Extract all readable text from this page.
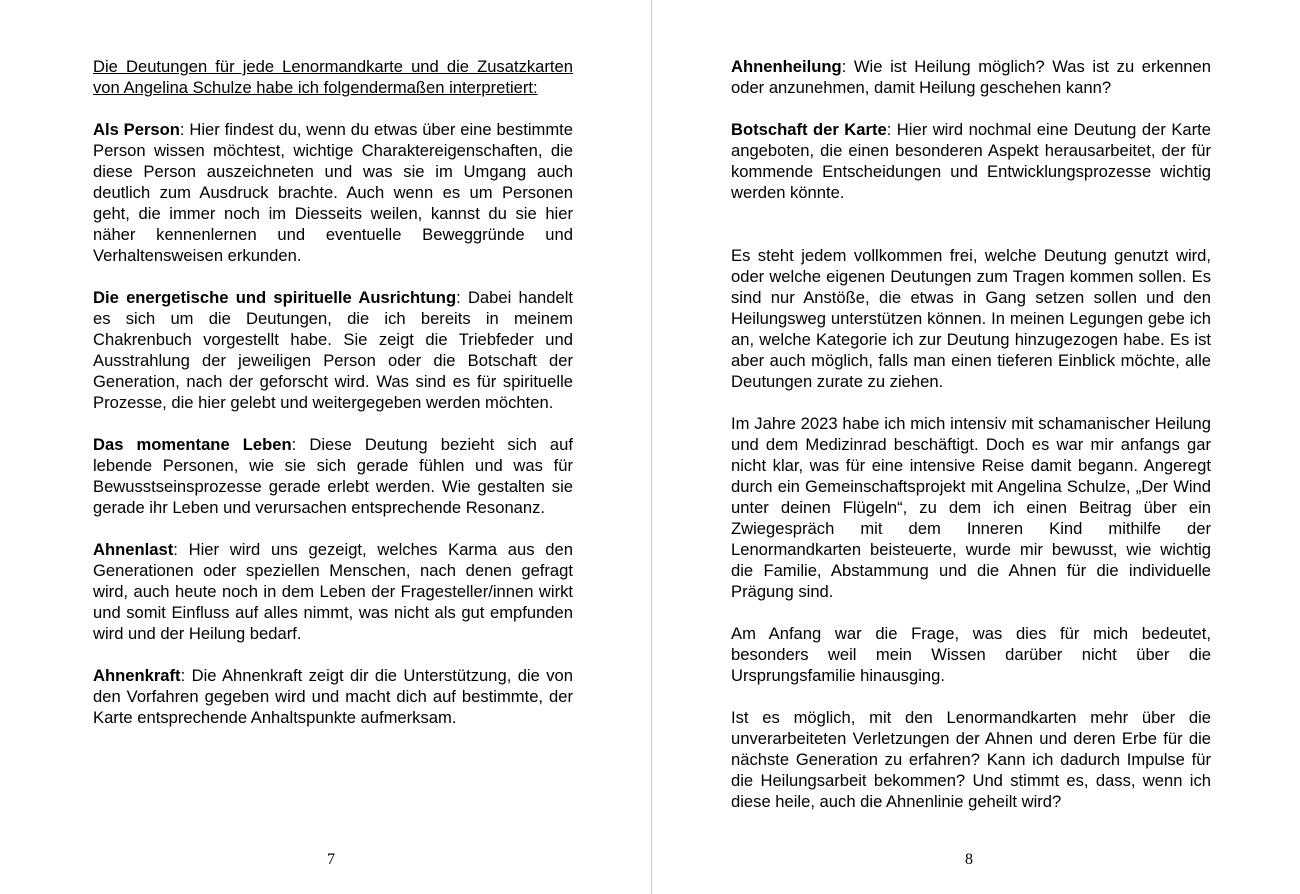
Die Deutungen für jede Lenormandkarte und die Zusatzkarten von Angelina Schulze habe ich folgendermaßen interpretiert:

Als Person: Hier findest du, wenn du etwas über eine bestimmte Person wissen möchtest, wichtige Charaktereigenschaften, die diese Person auszeichneten und was sie im Umgang auch deutlich zum Ausdruck brachte. Auch wenn es um Personen geht, die immer noch im Diesseits weilen, kannst du sie hier näher kennenlernen und eventuelle Beweggründe und Verhaltensweisen erkunden.

Die energetische und spirituelle Ausrichtung: Dabei handelt es sich um die Deutungen, die ich bereits in meinem Chakrenbuch vorgestellt habe. Sie zeigt die Triebfeder und Ausstrahlung der jeweiligen Person oder die Botschaft der Generation, nach der geforscht wird. Was sind es für spirituelle Prozesse, die hier gelebt und weitergegeben werden möchten.

Das momentane Leben: Diese Deutung bezieht sich auf lebende Personen, wie sie sich gerade fühlen und was für Bewusstseinsprozesse gerade erlebt werden. Wie gestalten sie gerade ihr Leben und verursachen entsprechende Resonanz.

Ahnenlast: Hier wird uns gezeigt, welches Karma aus den Generationen oder speziellen Menschen, nach denen gefragt wird, auch heute noch in dem Leben der Fragesteller/innen wirkt und somit Einfluss auf alles nimmt, was nicht als gut empfunden wird und der Heilung bedarf.

Ahnenkraft: Die Ahnenkraft zeigt dir die Unterstützung, die von den Vorfahren gegeben wird und macht dich auf bestimmte, der Karte entsprechende Anhaltspunkte aufmerksam.

7

Ahnenheilung: Wie ist Heilung möglich? Was ist zu erkennen oder anzunehmen, damit Heilung geschehen kann?

Botschaft der Karte: Hier wird nochmal eine Deutung der Karte angeboten, die einen besonderen Aspekt herausarbeitet, der für kommende Entscheidungen und Entwicklungsprozesse wichtig werden könnte.

Es steht jedem vollkommen frei, welche Deutung genutzt wird, oder welche eigenen Deutungen zum Tragen kommen sollen. Es sind nur Anstöße, die etwas in Gang setzen sollen und den Heilungsweg unterstützen können. In meinen Legungen gebe ich an, welche Kategorie ich zur Deutung hinzugezogen habe. Es ist aber auch möglich, falls man einen tieferen Einblick möchte, alle Deutungen zurate zu ziehen.

Im Jahre 2023 habe ich mich intensiv mit schamanischer Heilung und dem Medizinrad beschäftigt. Doch es war mir anfangs gar nicht klar, was für eine intensive Reise damit begann. Angeregt durch ein Gemeinschaftsprojekt mit Angelina Schulze, „Der Wind unter deinen Flügeln“, zu dem ich einen Beitrag über ein Zwiegespräch mit dem Inneren Kind mithilfe der Lenormandkarten beisteuerte, wurde mir bewusst, wie wichtig die Familie, Abstammung und die Ahnen für die individuelle Prägung sind.

Am Anfang war die Frage, was dies für mich bedeutet, besonders weil mein Wissen darüber nicht über die Ursprungsfamilie hinausging.

Ist es möglich, mit den Lenormandkarten mehr über die unverarbeiteten Verletzungen der Ahnen und deren Erbe für die nächste Generation zu erfahren? Kann ich dadurch Impulse für die Heilungsarbeit bekommen? Und stimmt es, dass, wenn ich diese heile, auch die Ahnenlinie geheilt wird?

8
